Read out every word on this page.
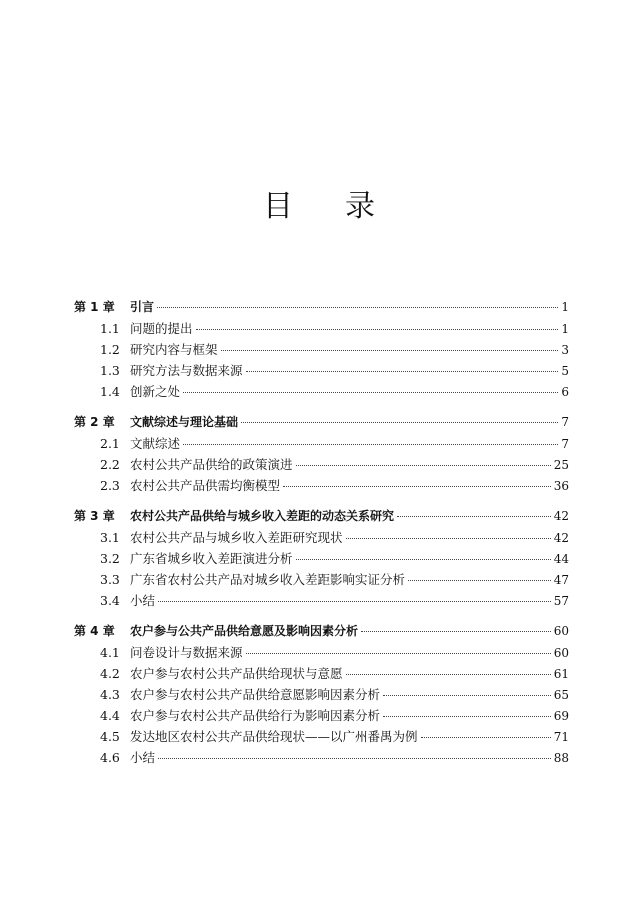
目 录
第 1 章	引言	1
1.1 问题的提出	1
1.2 研究内容与框架	3
1.3 研究方法与数据来源	5
1.4 创新之处	6
第 2 章	文献综述与理论基础	7
2.1 文献综述	7
2.2 农村公共产品供给的政策演进	25
2.3 农村公共产品供需均衡模型	36
第 3 章	农村公共产品供给与城乡收入差距的动态关系研究	42
3.1 农村公共产品与城乡收入差距研究现状	42
3.2 广东省城乡收入差距演进分析	44
3.3 广东省农村公共产品对城乡收入差距影响实证分析	47
3.4 小结	57
第 4 章	农户参与公共产品供给意愿及影响因素分析	60
4.1 问卷设计与数据来源	60
4.2 农户参与农村公共产品供给现状与意愿	61
4.3 农户参与农村公共产品供给意愿影响因素分析	65
4.4 农户参与农村公共产品供给行为影响因素分析	69
4.5 发达地区农村公共产品供给现状——以广州番禺为例	71
4.6 小结	88
